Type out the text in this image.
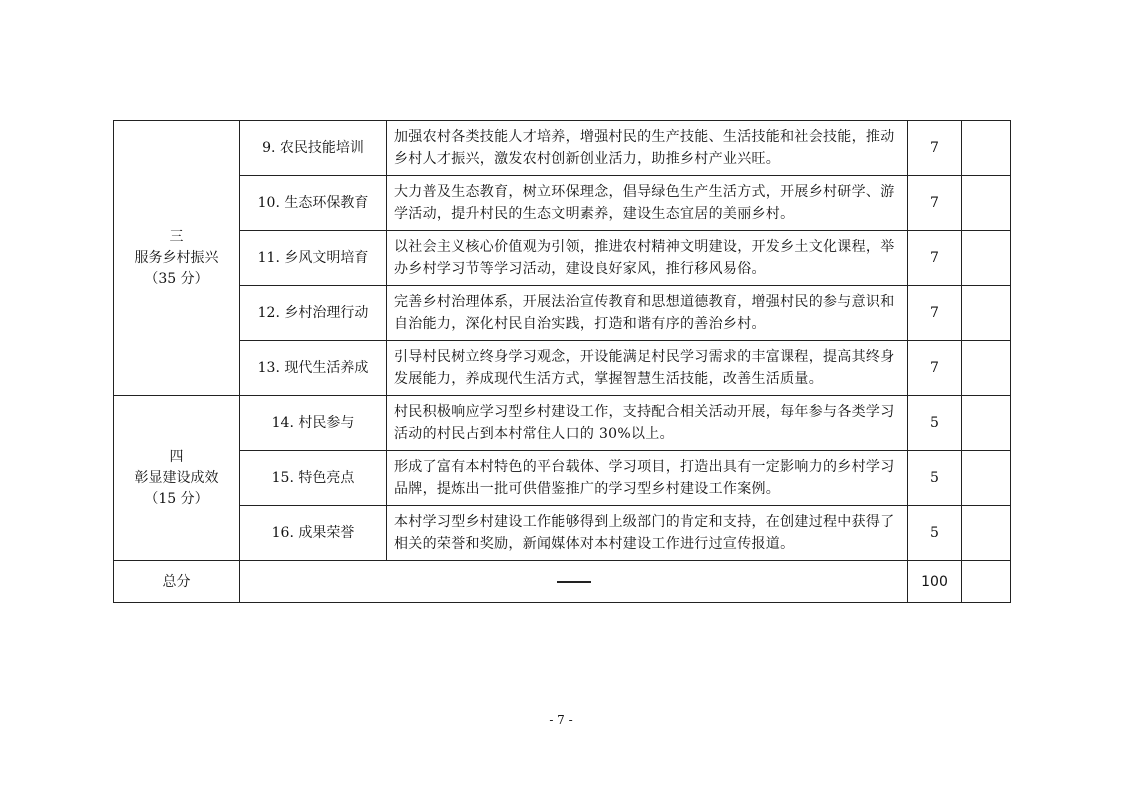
三
服务乡村振兴
（35 分）	9. 农民技能培训	加强农村各类技能人才培养，增强村民的生产技能、生活技能和社会技能，推动乡村人才振兴，激发农村创新创业活力，助推乡村产业兴旺。	7	
	10. 生态环保教育	大力普及生态教育，树立环保理念，倡导绿色生产生活方式，开展乡村研学、游学活动，提升村民的生态文明素养，建设生态宜居的美丽乡村。	7	
	11. 乡风文明培育	以社会主义核心价值观为引领，推进农村精神文明建设，开发乡土文化课程，举办乡村学习节等学习活动，建设良好家风，推行移风易俗。	7	
	12. 乡村治理行动	完善乡村治理体系，开展法治宣传教育和思想道德教育，增强村民的参与意识和自治能力，深化村民自治实践，打造和谐有序的善治乡村。	7	
	13. 现代生活养成	引导村民树立终身学习观念，开设能满足村民学习需求的丰富课程，提高其终身发展能力，养成现代生活方式，掌握智慧生活技能，改善生活质量。	7	

四
彰显建设成效
（15 分）	14. 村民参与	村民积极响应学习型乡村建设工作，支持配合相关活动开展，每年参与各类学习活动的村民占到本村常住人口的 30%以上。	5	
	15. 特色亮点	形成了富有本村特色的平台载体、学习项目，打造出具有一定影响力的乡村学习品牌，提炼出一批可供借鉴推广的学习型乡村建设工作案例。	5	
	16. 成果荣誉	本村学习型乡村建设工作能够得到上级部门的肯定和支持，在创建过程中获得了相关的荣誉和奖励，新闻媒体对本村建设工作进行过宣传报道。	5	
总分			100	
- 7 -
